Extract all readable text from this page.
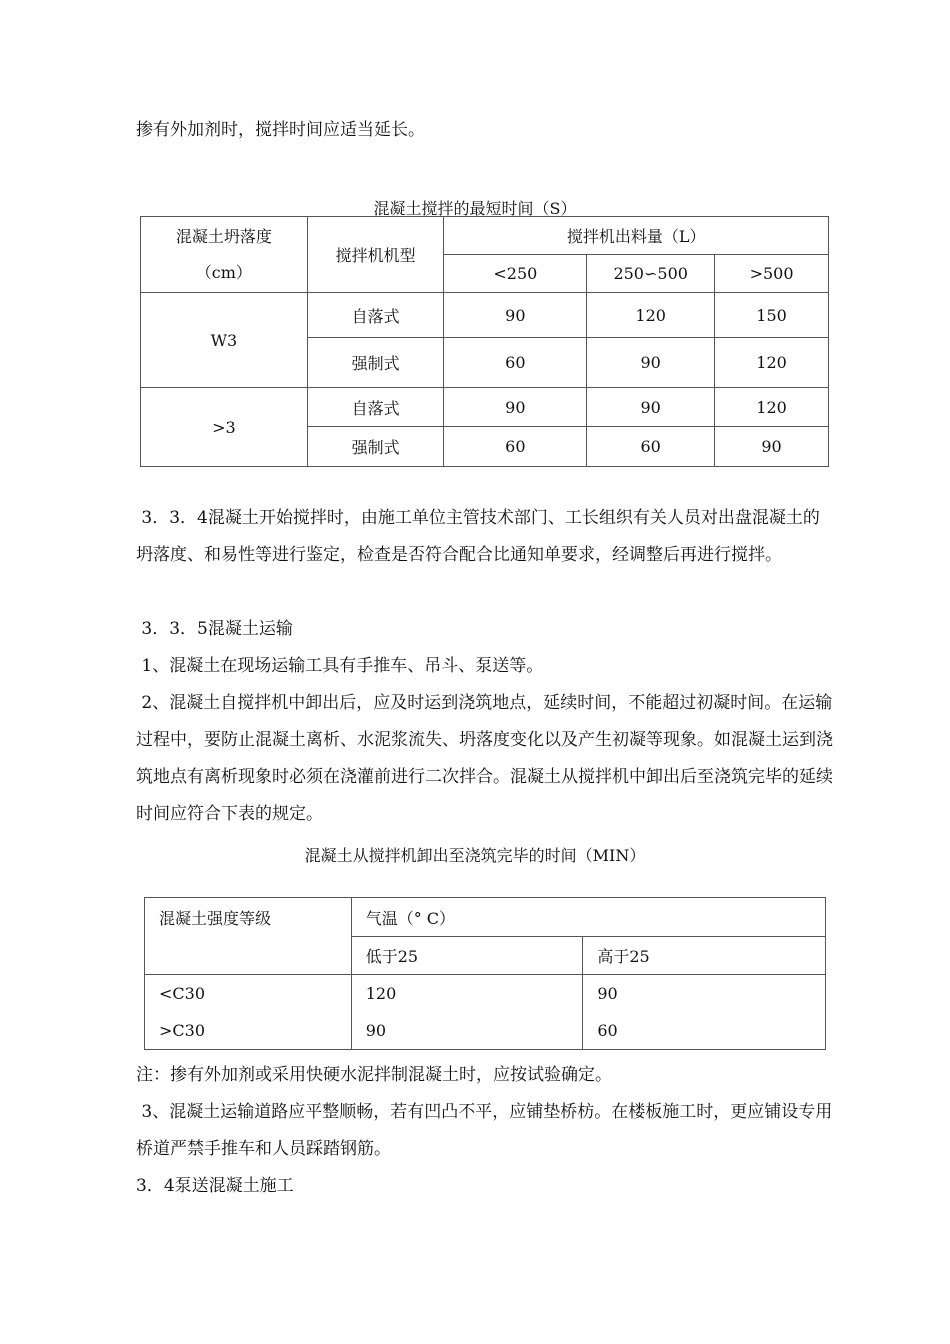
掺有外加剂时，搅拌时间应适当延长。

混凝土搅拌的最短时间（S）

混凝土坍落度
（cm）	搅拌机机型	搅拌机出料量（L）		
		<250	250∽500	>500
W3	自落式	90	120	150
	强制式	60	90	120
>3	自落式	90	90	120
	强制式	60	60	90

3．3．4混凝土开始搅拌时，由施工单位主管技术部门、工长组织有关人员对出盘混凝土的坍落度、和易性等进行鉴定，检查是否符合配合比通知单要求，经调整后再进行搅拌。

3．3．5混凝土运输

1、混凝土在现场运输工具有手推车、吊斗、泵送等。

2、混凝土自搅拌机中卸出后，应及时运到浇筑地点，延续时间，不能超过初凝时间。在运输过程中，要防止混凝土离析、水泥浆流失、坍落度变化以及产生初凝等现象。如混凝土运到浇筑地点有离析现象时必须在浇灌前进行二次拌合。混凝土从搅拌机中卸出后至浇筑完毕的延续时间应符合下表的规定。

混凝土从搅拌机卸出至浇筑完毕的时间（MIN）

混凝土强度等级	气温（° C）	
	低于25	高于25
<C30	120	90
>C30	90	60

注：掺有外加剂或采用快硬水泥拌制混凝土时，应按试验确定。

3、混凝土运输道路应平整顺畅，若有凹凸不平，应铺垫桥枋。在楼板施工时，更应铺设专用桥道严禁手推车和人员踩踏钢筋。

3．4泵送混凝土施工
